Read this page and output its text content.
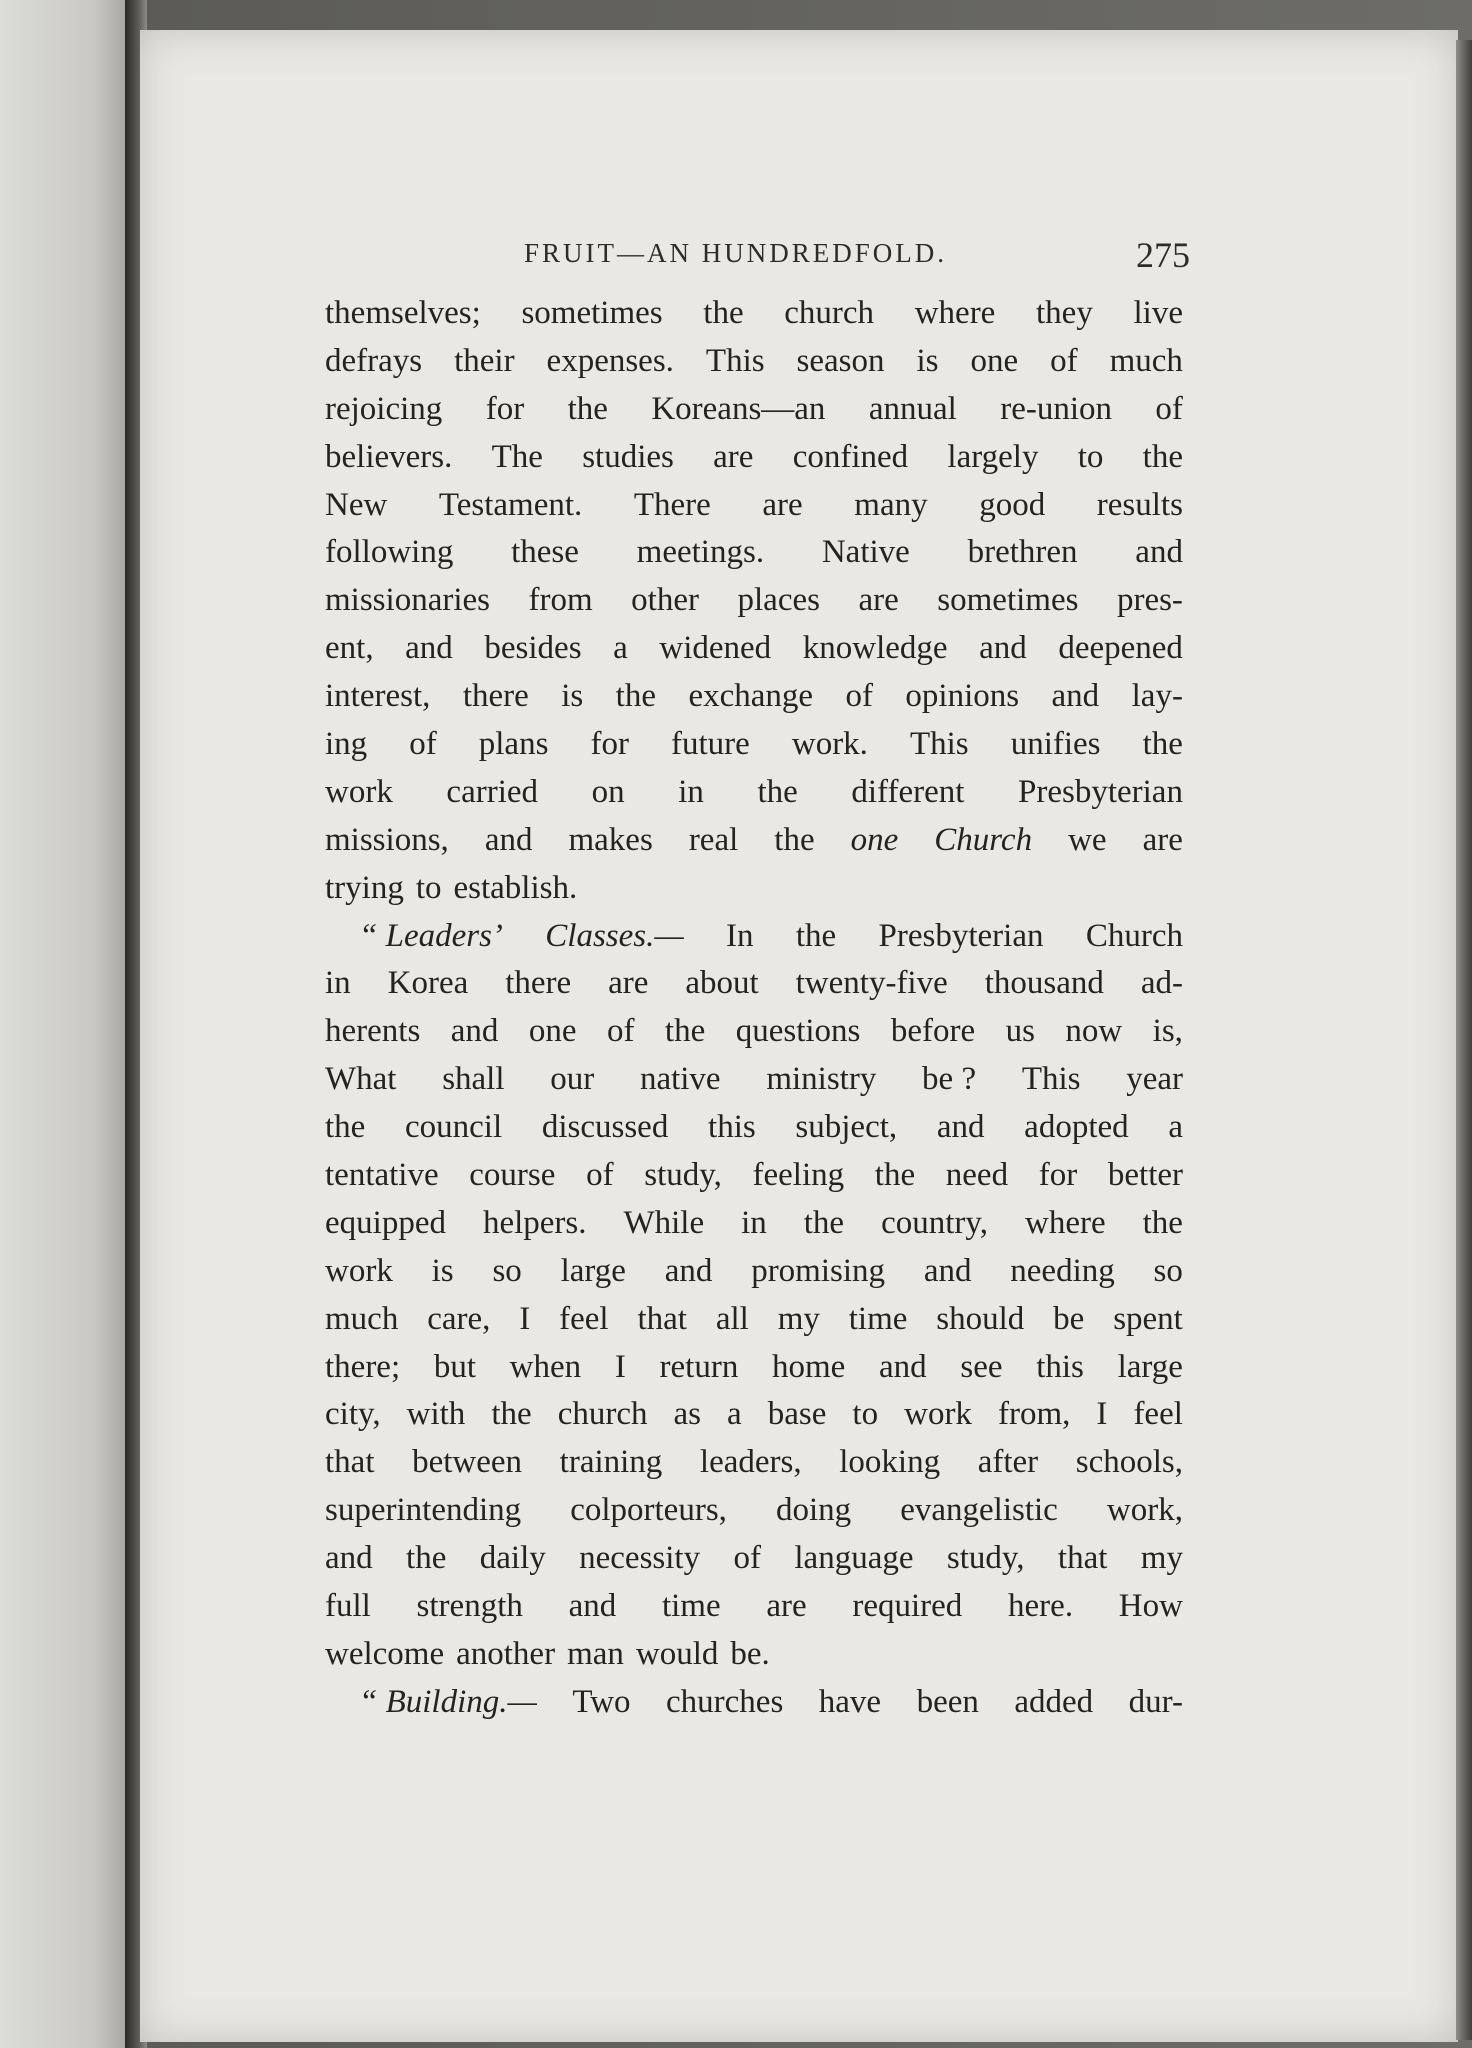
FRUIT—AN HUNDREDFOLD.	275
themselves; sometimes the church where they live
defrays their expenses. This season is one of much
rejoicing for the Koreans—an annual re-union of
believers. The studies are confined largely to the
New Testament. There are many good results
following these meetings. Native brethren and
missionaries from other places are sometimes pres-
ent, and besides a widened knowledge and deepened
interest, there is the exchange of opinions and lay-
ing of plans for future work. This unifies the
work carried on in the different Presbyterian
missions, and makes real the one Church we are
trying to establish.
“ Leaders’ Classes.— In the Presbyterian Church
in Korea there are about twenty-five thousand ad-
herents and one of the questions before us now is,
What shall our native ministry be ? This year
the council discussed this subject, and adopted a
tentative course of study, feeling the need for better
equipped helpers. While in the country, where the
work is so large and promising and needing so
much care, I feel that all my time should be spent
there; but when I return home and see this large
city, with the church as a base to work from, I feel
that between training leaders, looking after schools,
superintending colporteurs, doing evangelistic work,
and the daily necessity of language study, that my
full strength and time are required here. How
welcome another man would be.
“ Building.— Two churches have been added dur-
